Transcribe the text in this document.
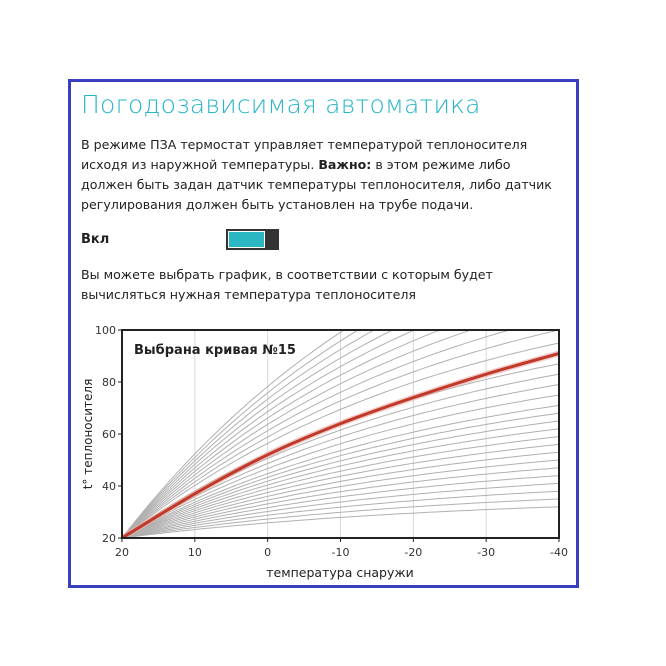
Погодозависимая автоматика
В режиме ПЗА термостат управляет температурой теплоносителя исходя из наружной температуры. Важно: в этом режиме либо должен быть задан датчик температуры теплоносителя, либо датчик регулирования должен быть установлен на трубе подачи.
Вкл
Вы можете выбрать график, в соответствии с которым будет вычисляться нужная температура теплоносителя
Выбрана кривая №15
20	10	0	-10	-20	-30	-40
20
40
60
80
100
температура снаружи
t° теплоносителя
